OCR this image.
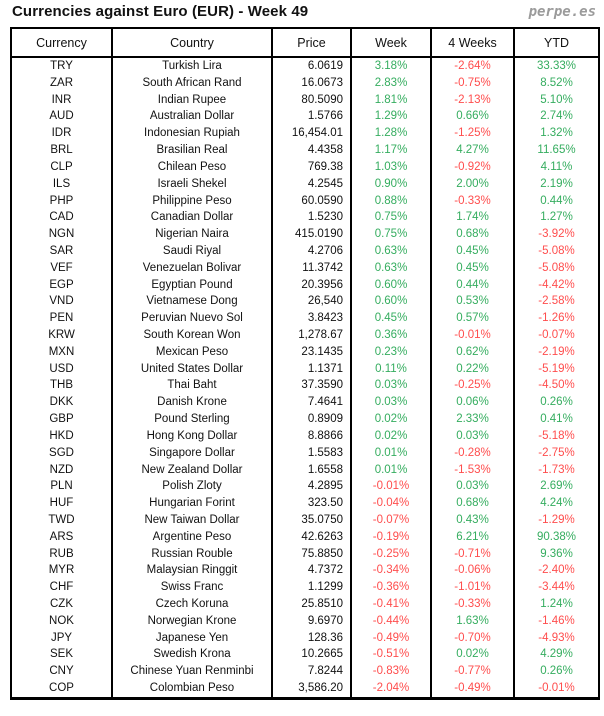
Currencies against Euro (EUR) - Week 49	perpe.es
Currency	Country	Price	Week	4 Weeks	YTD
TRY	Turkish Lira	6.0619	3.18%	-2.64%	33.33%
ZAR	South African Rand	16.0673	2.83%	-0.75%	8.52%
INR	Indian Rupee	80.5090	1.81%	-2.13%	5.10%
AUD	Australian Dollar	1.5766	1.29%	0.66%	2.74%
IDR	Indonesian Rupiah	16,454.01	1.28%	-1.25%	1.32%
BRL	Brasilian Real	4.4358	1.17%	4.27%	11.65%
CLP	Chilean Peso	769.38	1.03%	-0.92%	4.11%
ILS	Israeli Shekel	4.2545	0.90%	2.00%	2.19%
PHP	Philippine Peso	60.0590	0.88%	-0.33%	0.44%
CAD	Canadian Dollar	1.5230	0.75%	1.74%	1.27%
NGN	Nigerian Naira	415.0190	0.75%	0.68%	-3.92%
SAR	Saudi Riyal	4.2706	0.63%	0.45%	-5.08%
VEF	Venezuelan Bolivar	11.3742	0.63%	0.45%	-5.08%
EGP	Egyptian Pound	20.3956	0.60%	0.44%	-4.42%
VND	Vietnamese Dong	26,540	0.60%	0.53%	-2.58%
PEN	Peruvian Nuevo Sol	3.8423	0.45%	0.57%	-1.26%
KRW	South Korean Won	1,278.67	0.36%	-0.01%	-0.07%
MXN	Mexican Peso	23.1435	0.23%	0.62%	-2.19%
USD	United States Dollar	1.1371	0.11%	0.22%	-5.19%
THB	Thai Baht	37.3590	0.03%	-0.25%	-4.50%
DKK	Danish Krone	7.4641	0.03%	0.06%	0.26%
GBP	Pound Sterling	0.8909	0.02%	2.33%	0.41%
HKD	Hong Kong Dollar	8.8866	0.02%	0.03%	-5.18%
SGD	Singapore Dollar	1.5583	0.01%	-0.28%	-2.75%
NZD	New Zealand Dollar	1.6558	0.01%	-1.53%	-1.73%
PLN	Polish Zloty	4.2895	-0.01%	0.03%	2.69%
HUF	Hungarian Forint	323.50	-0.04%	0.68%	4.24%
TWD	New Taiwan Dollar	35.0750	-0.07%	0.43%	-1.29%
ARS	Argentine Peso	42.6263	-0.19%	6.21%	90.38%
RUB	Russian Rouble	75.8850	-0.25%	-0.71%	9.36%
MYR	Malaysian Ringgit	4.7372	-0.34%	-0.06%	-2.40%
CHF	Swiss Franc	1.1299	-0.36%	-1.01%	-3.44%
CZK	Czech Koruna	25.8510	-0.41%	-0.33%	1.24%
NOK	Norwegian Krone	9.6970	-0.44%	1.63%	-1.46%
JPY	Japanese Yen	128.36	-0.49%	-0.70%	-4.93%
SEK	Swedish Krona	10.2665	-0.51%	0.02%	4.29%
CNY	Chinese Yuan Renminbi	7.8244	-0.83%	-0.77%	0.26%
COP	Colombian Peso	3,586.20	-2.04%	-0.49%	-0.01%
